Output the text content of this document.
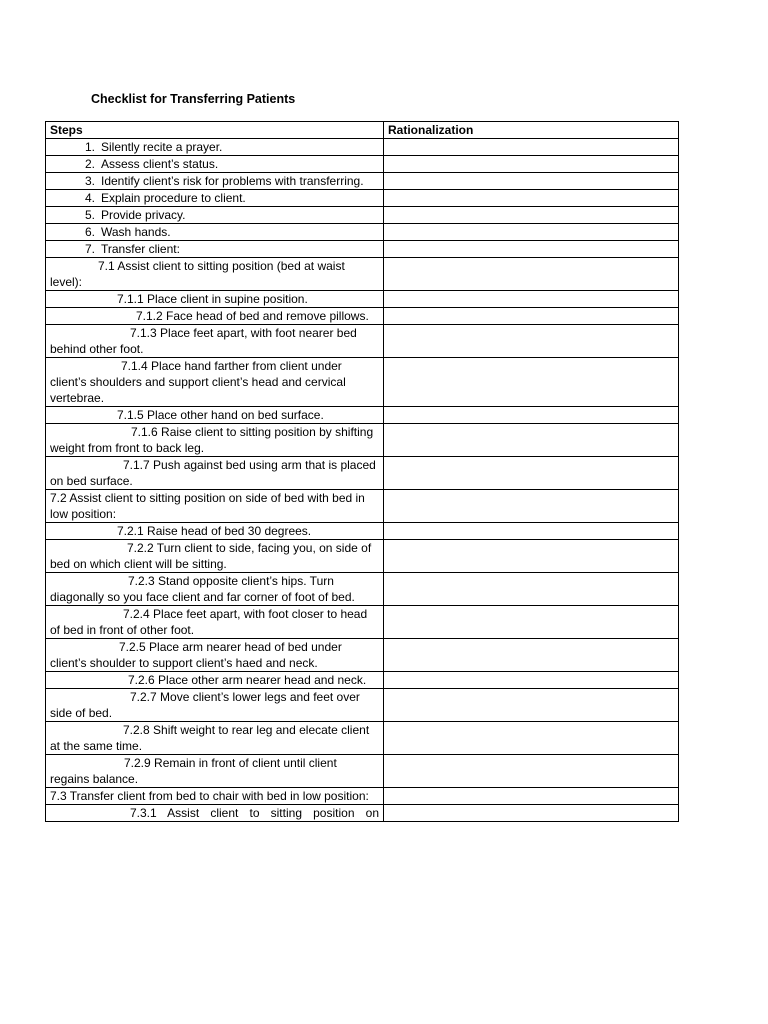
Checklist for Transferring Patients
Steps	Rationalization

1. Silently recite a prayer.	

2. Assess client’s status.	

3. Identify client’s risk for problems with transferring.	

4. Explain procedure to client.	

5. Provide privacy.	

6. Wash hands.	

7. Transfer client:	

7.1 Assist client to sitting position (bed at waist level):	
7.1.1 Place client in supine position.	
7.1.2 Face head of bed and remove pillows.	
7.1.3 Place feet apart, with foot nearer bed behind other foot.	
7.1.4 Place hand farther from client under client’s shoulders and support client’s head and cervical vertebrae.	
7.1.5 Place other hand on bed surface.	
7.1.6 Raise client to sitting position by shifting weight from front to back leg.	
7.1.7 Push against bed using arm that is placed on bed surface.	
7.2 Assist client to sitting position on side of bed with bed in low position:	
7.2.1 Raise head of bed 30 degrees.	
7.2.2 Turn client to side, facing you, on side of bed on which client will be sitting.	
7.2.3 Stand opposite client’s hips. Turn diagonally so you face client and far corner of foot of bed.	
7.2.4 Place feet apart, with foot closer to head of bed in front of other foot.	
7.2.5 Place arm nearer head of bed under client’s shoulder to support client’s haed and neck.	
7.2.6 Place other arm nearer head and neck.	
7.2.7 Move client’s lower legs and feet over side of bed.	
7.2.8 Shift weight to rear leg and elecate client at the same time.	
7.2.9 Remain in front of client until client regains balance.	
7.3 Transfer client from bed to chair with bed in low position:	
7.3.1 Assist client to sitting position on	
